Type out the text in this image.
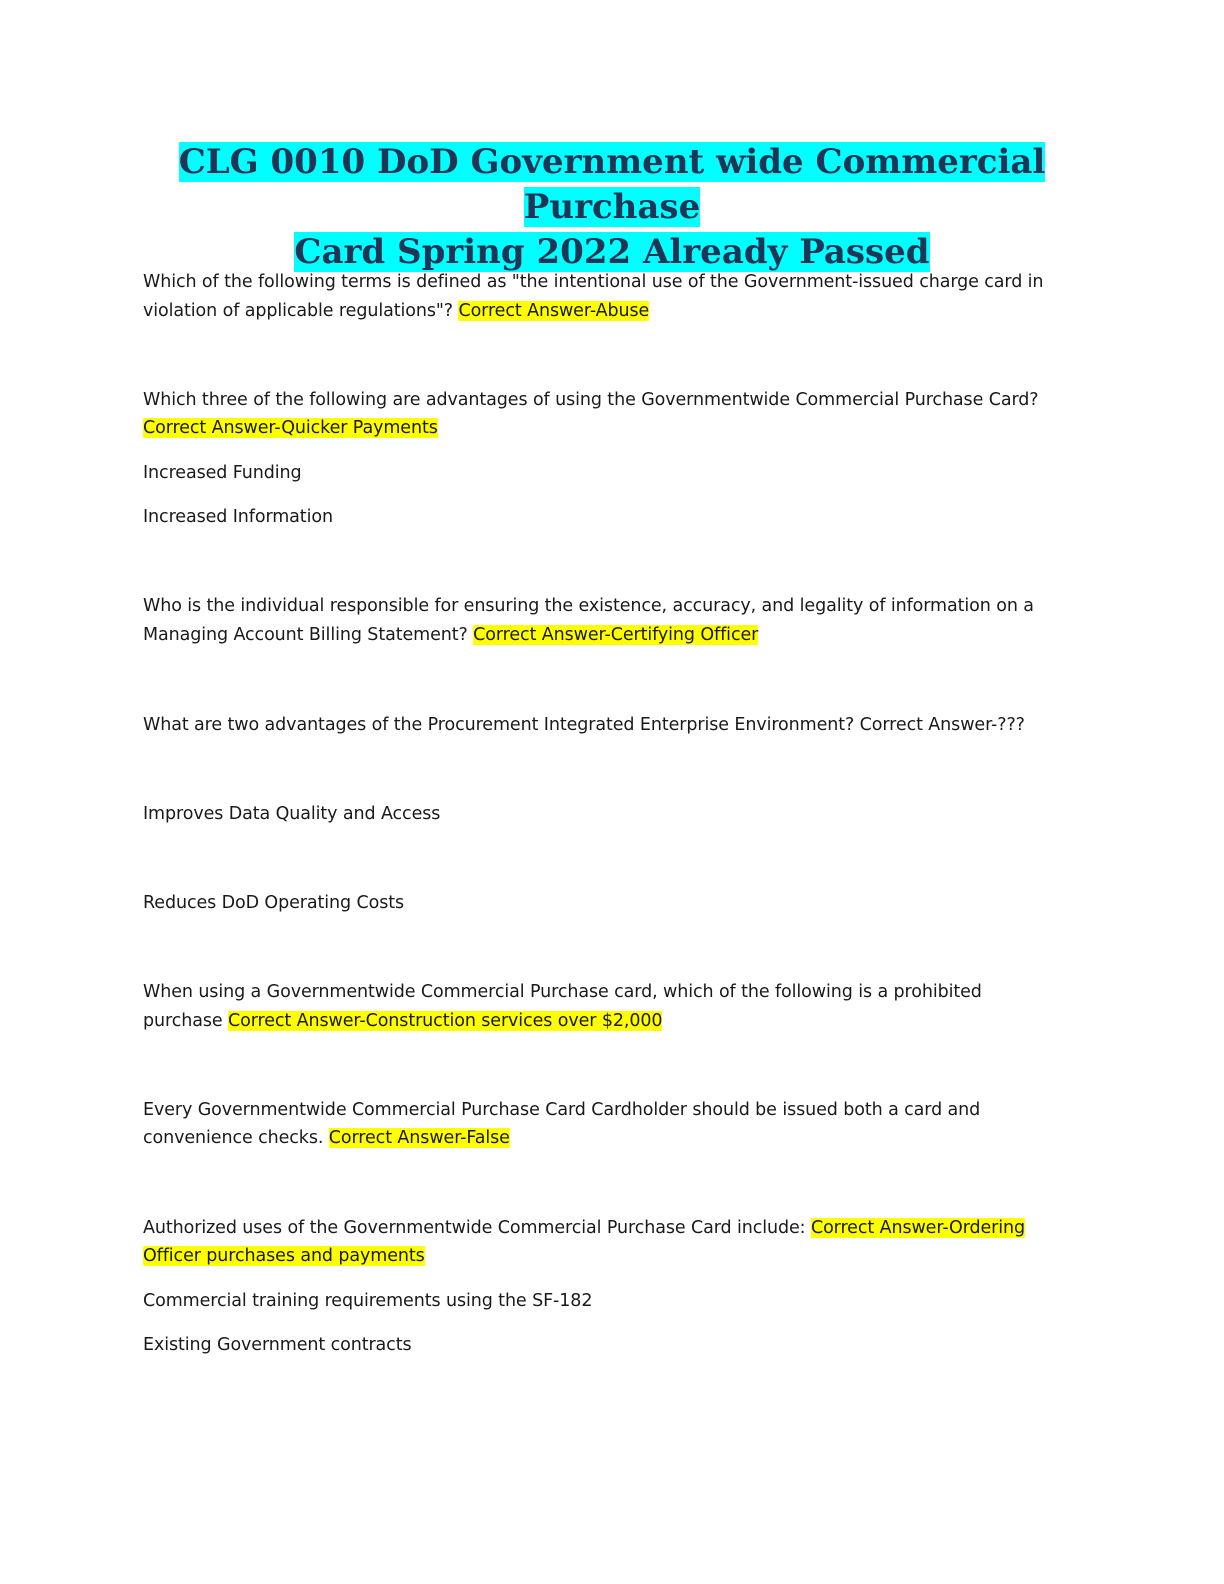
CLG 0010 DoD Government wide Commercial Purchase
Card Spring 2022 Already Passed
Which of the following terms is defined as "the intentional use of the Government-issued charge card in
violation of applicable regulations"? Correct Answer-Abuse
Which three of the following are advantages of using the Governmentwide Commercial Purchase Card?
Correct Answer-Quicker Payments
Increased Funding
Increased Information
Who is the individual responsible for ensuring the existence, accuracy, and legality of information on a
Managing Account Billing Statement? Correct Answer-Certifying Officer
What are two advantages of the Procurement Integrated Enterprise Environment? Correct Answer-???
Improves Data Quality and Access
Reduces DoD Operating Costs
When using a Governmentwide Commercial Purchase card, which of the following is a prohibited
purchase Correct Answer-Construction services over $2,000
Every Governmentwide Commercial Purchase Card Cardholder should be issued both a card and
convenience checks. Correct Answer-False
Authorized uses of the Governmentwide Commercial Purchase Card include: Correct Answer-Ordering
Officer purchases and payments
Commercial training requirements using the SF-182
Existing Government contracts
